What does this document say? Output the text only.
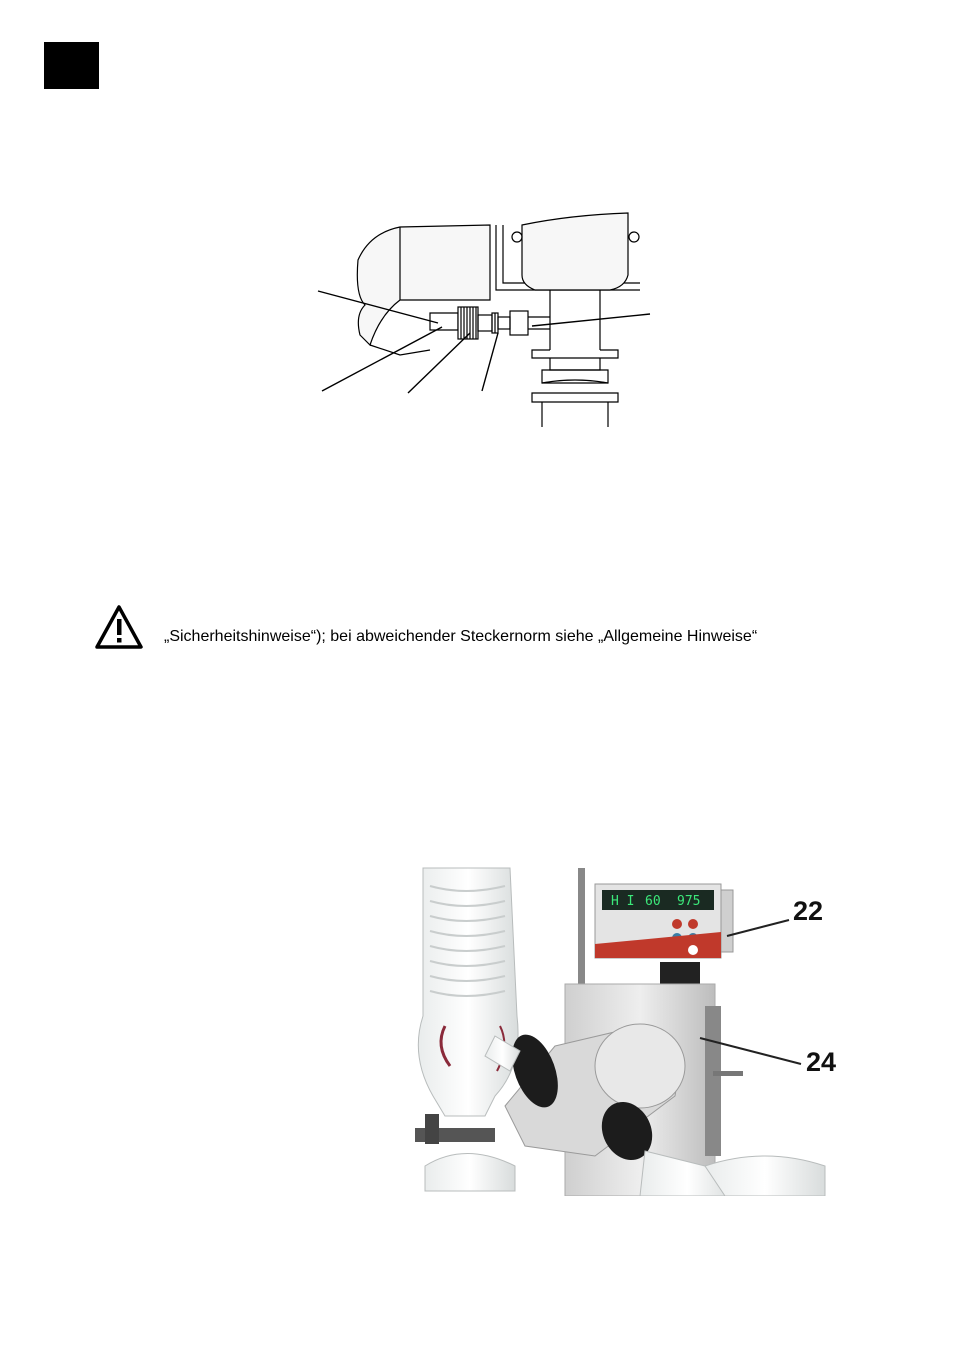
„Sicherheitshinweise“); bei abweichender Steckernorm siehe „Allgemeine Hinweise“
H I 60 975	22
24
